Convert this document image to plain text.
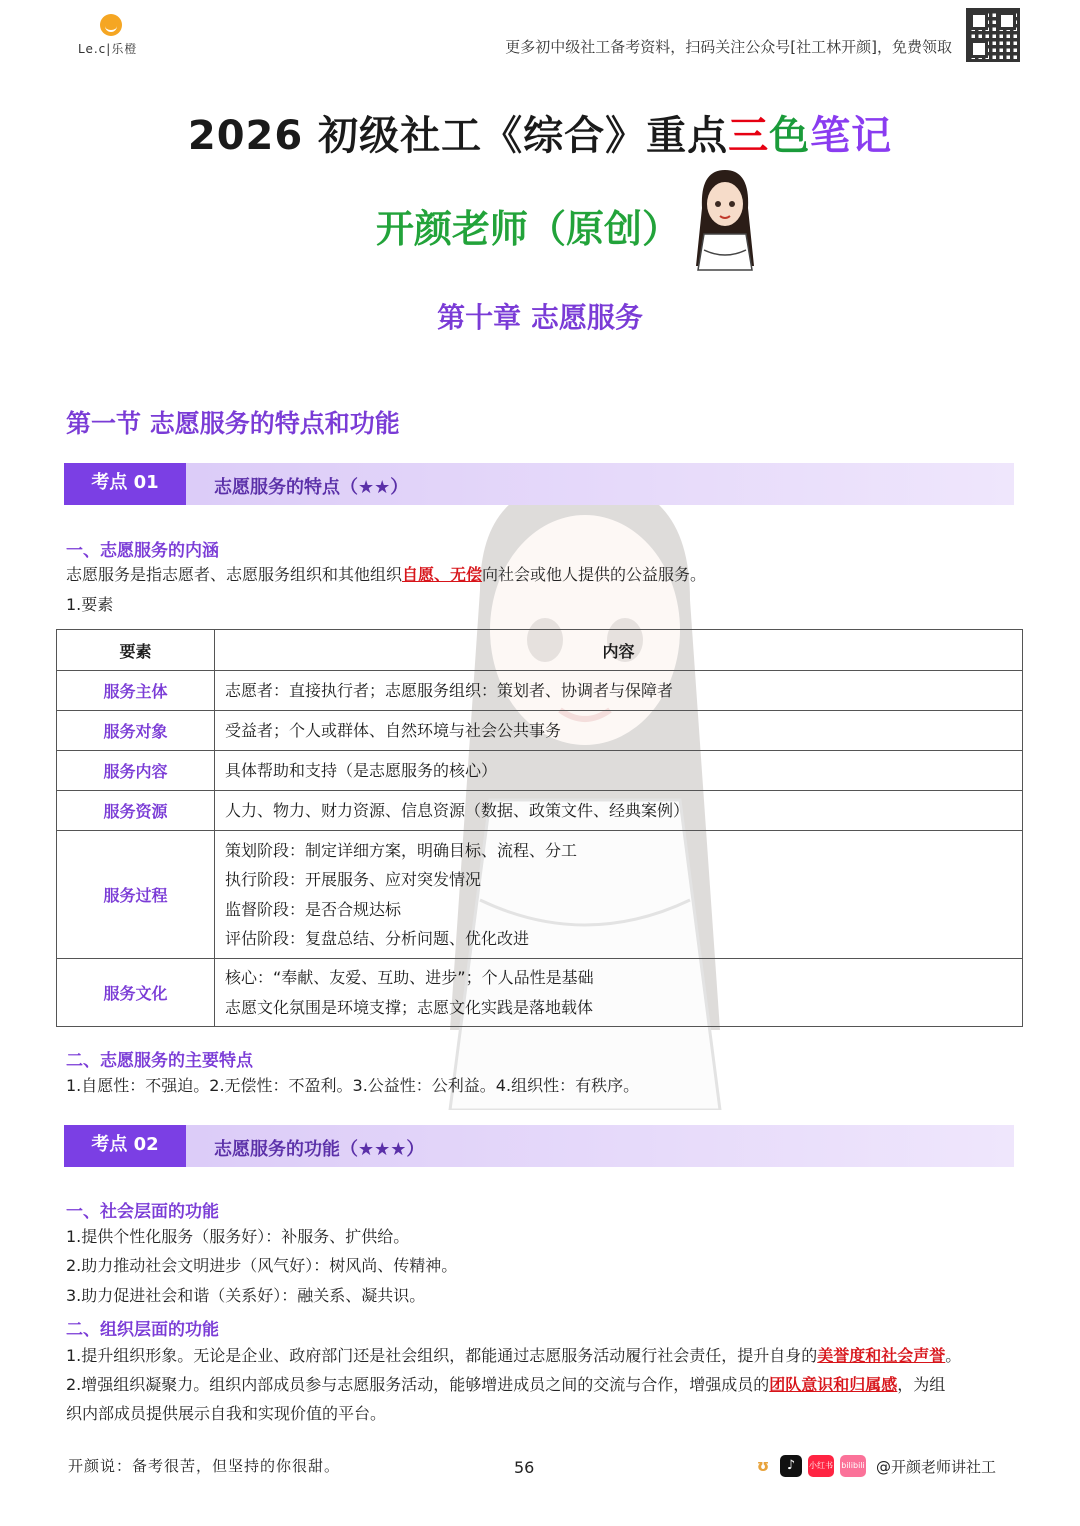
Le.c|乐橙	更多初中级社工备考资料，扫码关注公众号[社工林开颜]，免费领取
2026 初级社工《综合》重点三色笔记
开颜老师（原创）
第十章 志愿服务
第一节 志愿服务的特点和功能
考点 01	志愿服务的特点（★★）
一、志愿服务的内涵
志愿服务是指志愿者、志愿服务组织和其他组织自愿、无偿向社会或他人提供的公益服务。
1.要素
要素	内容
服务主体	志愿者：直接执行者；志愿服务组织：策划者、协调者与保障者

服务对象	受益者；个人或群体、自然环境与社会公共事务

服务内容	具体帮助和支持（是志愿服务的核心）

服务资源	人力、物力、财力资源、信息资源（数据、政策文件、经典案例）

服务过程	策划阶段：制定详细方案，明确目标、流程、分工
执行阶段：开展服务、应对突发情况
监督阶段：是否合规达标
评估阶段：复盘总结、分析问题、优化改进

服务文化	核心：“奉献、友爱、互助、进步”；个人品性是基础
志愿文化氛围是环境支撑；志愿文化实践是落地载体
二、志愿服务的主要特点
1.自愿性：不强迫。2.无偿性：不盈利。3.公益性：公利益。4.组织性：有秩序。
考点 02	志愿服务的功能（★★★）
一、社会层面的功能
1.提供个性化服务（服务好）：补服务、扩供给。
2.助力推动社会文明进步（风气好）：树风尚、传精神。
3.助力促进社会和谐（关系好）：融关系、凝共识。
二、组织层面的功能
1.提升组织形象。无论是企业、政府部门还是社会组织，都能通过志愿服务活动履行社会责任，提升自身的美誉度和社会声誉。
2.增强组织凝聚力。组织内部成员参与志愿服务活动，能够增进成员之间的交流与合作，增强成员的团队意识和归属感，为组
织内部成员提供展示自我和实现价值的平台。
开颜说：备考很苦，但坚持的你很甜。	56	ʊ	♪	小红书 bilibili @开颜老师讲社工
